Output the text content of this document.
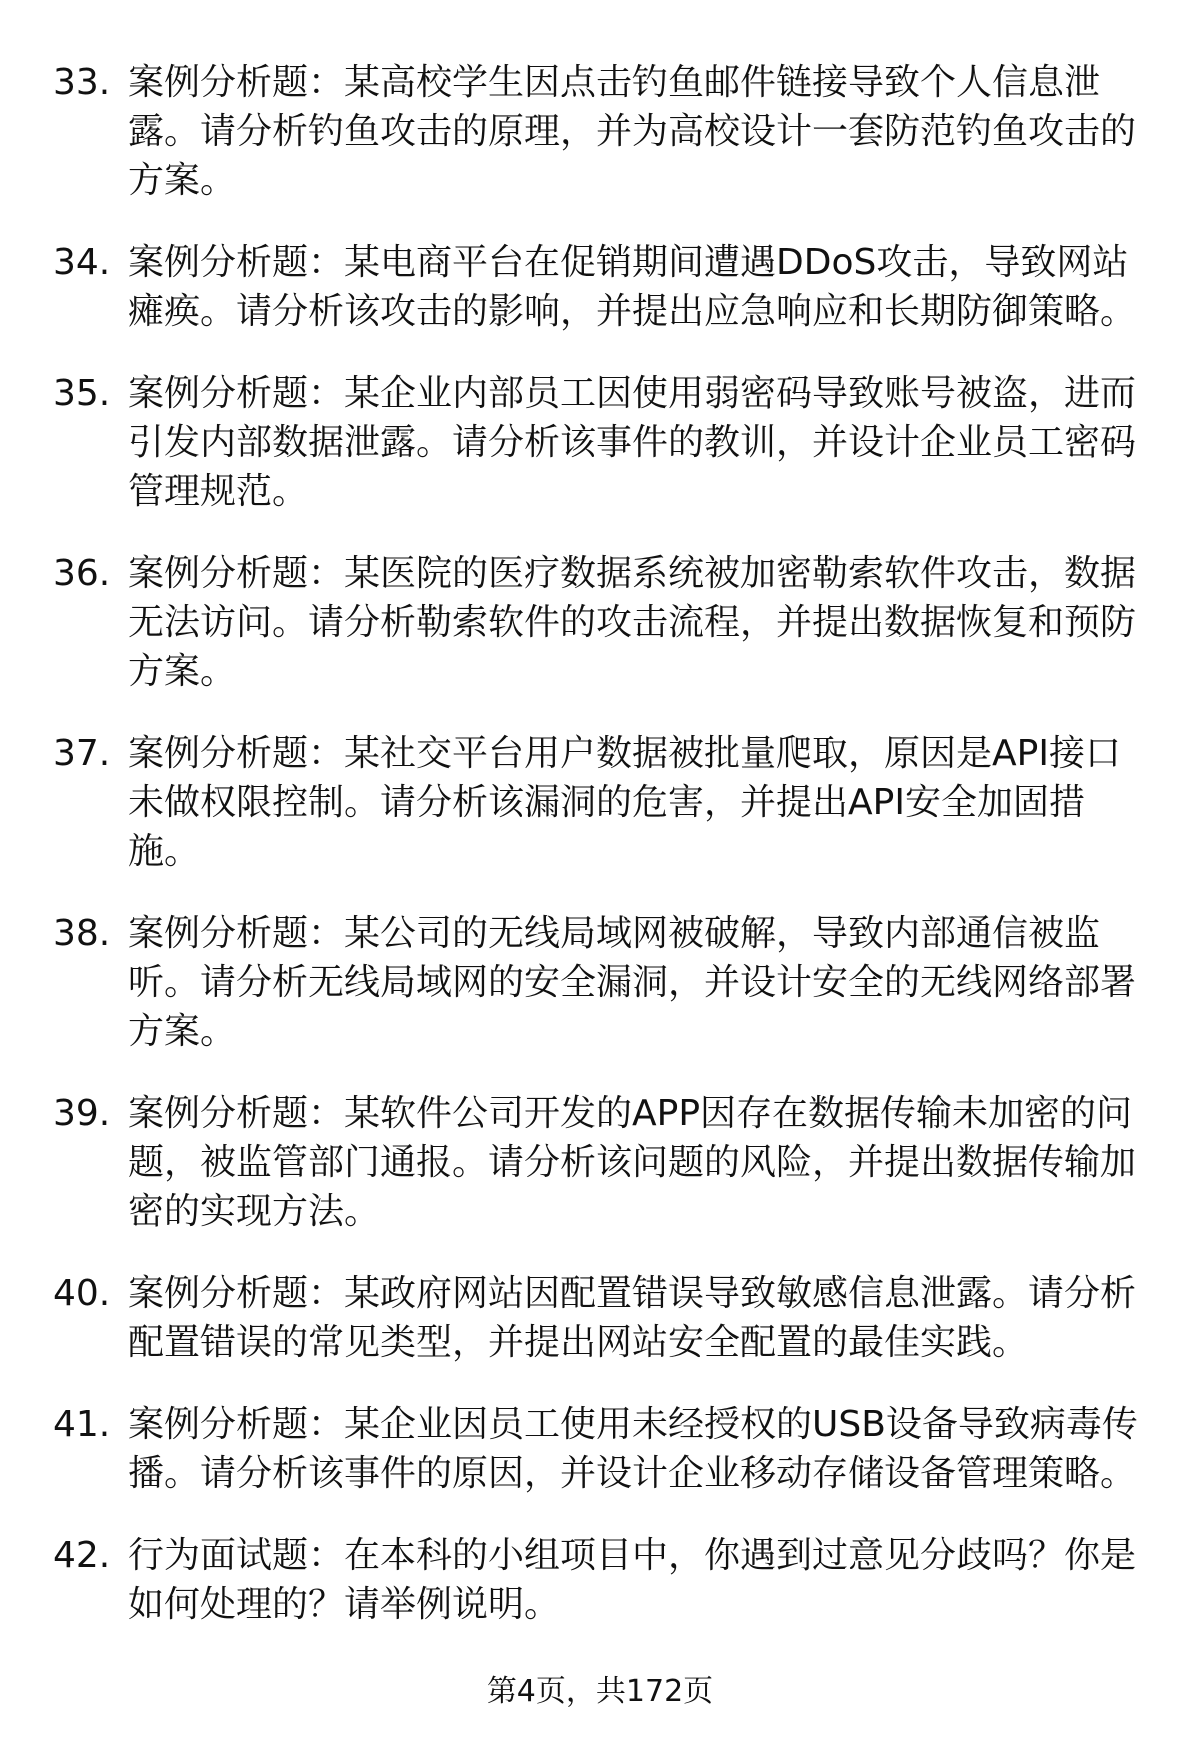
33. 案例分析题：某高校学生因点击钓鱼邮件链接导致个人信息泄
露。请分析钓鱼攻击的原理，并为高校设计一套防范钓鱼攻击的
方案。
34. 案例分析题：某电商平台在促销期间遭遇DDoS攻击，导致网站
瘫痪。请分析该攻击的影响，并提出应急响应和长期防御策略。
35. 案例分析题：某企业内部员工因使用弱密码导致账号被盗，进而
引发内部数据泄露。请分析该事件的教训，并设计企业员工密码
管理规范。
36. 案例分析题：某医院的医疗数据系统被加密勒索软件攻击，数据
无法访问。请分析勒索软件的攻击流程，并提出数据恢复和预防
方案。
37. 案例分析题：某社交平台用户数据被批量爬取，原因是API接口
未做权限控制。请分析该漏洞的危害，并提出API安全加固措
施。
38. 案例分析题：某公司的无线局域网被破解，导致内部通信被监
听。请分析无线局域网的安全漏洞，并设计安全的无线网络部署
方案。
39. 案例分析题：某软件公司开发的APP因存在数据传输未加密的问
题，被监管部门通报。请分析该问题的风险，并提出数据传输加
密的实现方法。
40. 案例分析题：某政府网站因配置错误导致敏感信息泄露。请分析
配置错误的常见类型，并提出网站安全配置的最佳实践。
41. 案例分析题：某企业因员工使用未经授权的USB设备导致病毒传
播。请分析该事件的原因，并设计企业移动存储设备管理策略。
42. 行为面试题：在本科的小组项目中，你遇到过意见分歧吗？你是
如何处理的？请举例说明。
第4页，共172页
